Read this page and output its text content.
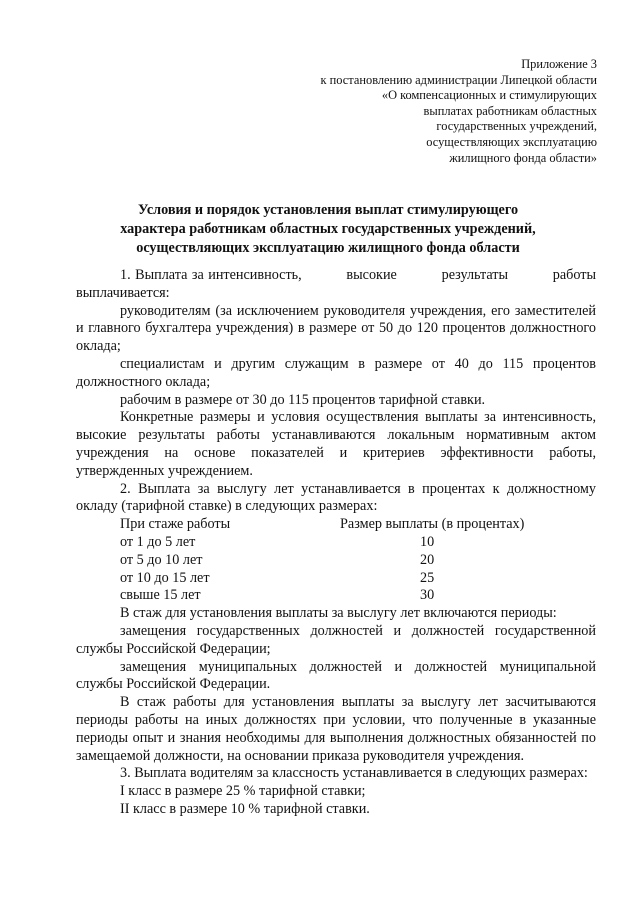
Приложение 3
к постановлению администрации Липецкой области
«О компенсационных и стимулирующих
выплатах работникам областных
государственных учреждений,
осуществляющих эксплуатацию
жилищного фонда области»
Условия и порядок установления выплат стимулирующего
характера работникам областных государственных учреждений,
осуществляющих эксплуатацию жилищного фонда области

1. Выплата за интенсивность,          высокие          результаты          работы выплачивается:

руководителям (за исключением руководителя учреждения, его заместителей и главного бухгалтера учреждения) в размере от 50 до 120 процентов должностного оклада;

специалистам и другим служащим в размере от 40 до 115 процентов должностного оклада;

рабочим в размере от 30 до 115 процентов тарифной ставки.

Конкретные размеры и условия осуществления выплаты за интенсивность, высокие результаты работы устанавливаются локальным нормативным актом учреждения на основе показателей и критериев эффективности работы, утвержденных учреждением.

2. Выплата за выслугу лет устанавливается в процентах к должностному окладу (тарифной ставке) в следующих размерах:

При стаже работы	Размер выплаты (в процентах)
от 1 до 5 лет	10
от 5 до 10 лет	20
от 10 до 15 лет	25
свыше 15 лет	30

В стаж для установления выплаты за выслугу лет включаются периоды:

замещения государственных должностей и должностей государственной службы Российской Федерации;

замещения муниципальных должностей и должностей муниципальной службы Российской Федерации.

В стаж работы для установления выплаты за выслугу лет засчитываются периоды работы на иных должностях при условии, что полученные в указанные периоды опыт и знания необходимы для выполнения должностных обязанностей по замещаемой должности, на основании приказа руководителя учреждения.

3. Выплата водителям за классность устанавливается в следующих размерах:

I класс в размере 25 % тарифной ставки;

II класс в размере 10 % тарифной ставки.
